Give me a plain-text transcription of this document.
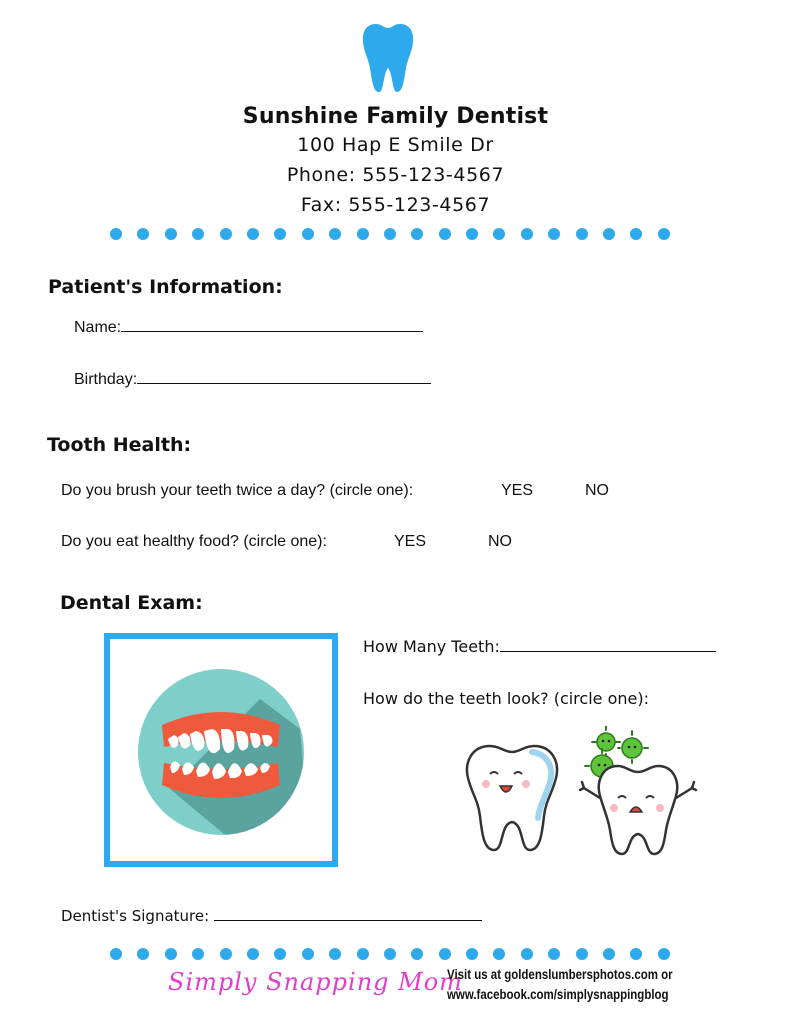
Sunshine Family Dentist
100 Hap E Smile Dr
Phone: 555-123-4567
Fax: 555-123-4567
Patient's Information:
Name:
Birthday:
Tooth Health:
Do you brush your teeth twice a day? (circle one):	YES	NO
Do you eat healthy food? (circle one):	YES	NO
Dental Exam:
How Many Teeth:
How do the teeth look? (circle one):
Dentist's Signature:
Simply Snapping Mom
Visit us at goldenslumbersphotos.com or
www.facebook.com/simplysnappingblog
